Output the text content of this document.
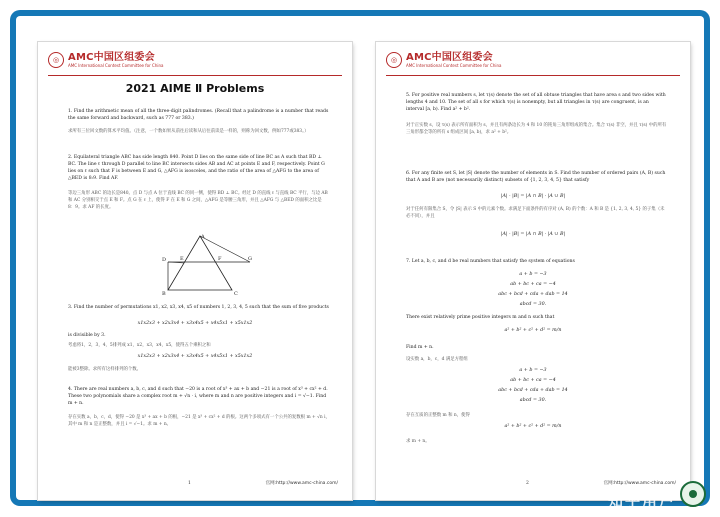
◎ AMC中国区组委会
AMC International Contest Committee for China
2021 AIME Ⅱ Problems
1. Find the arithmetic mean of all the three-digit palindromes. (Recall that a palindrome is a number that reads the same forward and backward, such as 777 or 383.)
求所有三位回文数的算术平均值。（注意，一个数如果从前往后读和从后往前读是一样的，则称为回文数，例如777或383。）
2. Equilateral triangle ABC has side length 840. Point D lies on the same side of line BC as A such that BD ⊥ BC. The line ℓ through D parallel to line BC intersects sides AB and AC at points E and F, respectively. Point G lies on ℓ such that F is between E and G, △AFG is isosceles, and the ratio of the area of △AFG to the area of △BED is 8:9. Find AF.
等边三角形 ABC 的边长是840。点 D 与点 A 位于直线 BC 的同一侧，使得 BD ⊥ BC。经过 D 的直线 ℓ 与直线 BC 平行，与边 AB 和 AC 分别相交于点 E 和 F。点 G 在 ℓ 上，使得 F 在 E 和 G 之间，△AFG 是等腰三角形，并且 △AFG 与 △BED 的面积之比是 8：9。求 AF 的长度。
A
B	C
D	E	F	G
3. Find the number of permutations x1, x2, x3, x4, x5 of numbers 1, 2, 3, 4, 5 such that the sum of five products
x1x2x3 + x2x3x4 + x3x4x5 + x4x5x1 + x5x1x2
is divisible by 3.
考虑将1，2，3，4，5排列成 x1，x2，x3，x4，x5，使得五个乘积之和
x1x2x3 + x2x3x4 + x3x4x5 + x4x5x1 + x5x1x2
能被3整除。求所有这样排列的个数。
4. There are real numbers a, b, c, and d such that −20 is a root of x³ + ax + b and −21 is a root of x³ + cx² + d. These two polynomials share a complex root m + √n · i, where m and n are positive integers and i = √−1. Find m + n.
存在实数 a，b，c，d，使得 −20 是 x³ + ax + b 的根，−21 是 x³ + cx² + d 的根。这两个多项式有一个公共的复数根 m + √n i，其中 m 和 n 是正整数，并且 i = √−1。求 m + n。
1	官网:http://www.amc-china.com/
◎ AMC中国区组委会
AMC International Contest Committee for China
5. For positive real numbers s, let τ(s) denote the set of all obtuse triangles that have area s and two sides with lengths 4 and 10. The set of all s for which τ(s) is nonempty, but all triangles in τ(s) are congruent, is an interval [a, b). Find a² + b².
对于正实数 s，设 τ(s) 表示所有面积为 s，并且有两条边长为 4 和 10 的钝角三角形组成的集合。集合 τ(s) 非空，并且 τ(s) 中的所有三角形都全等的所有 s 组成区间 [a, b)，求 a² + b²。
6. For any finite set S, let |S| denote the number of elements in S. Find the number of ordered pairs (A, B) such that A and B are (not necessarily distinct) subsets of {1, 2, 3, 4, 5} that satisfy
|A| · |B| = |A ∩ B| · |A ∪ B|
对于任何有限集合 S，令 |S| 表示 S 中的元素个数。求满足下面条件的有序对 (A, B) 的个数：A 和 B 是 {1, 2, 3, 4, 5} 的子集（未必不同），并且
|A| · |B| = |A ∩ B| · |A ∪ B|
7. Let a, b, c, and d be real numbers that satisfy the system of equations
a + b = −3
ab + bc + ca = −4
abc + bcd + cda + dab = 14
abcd = 30.
There exist relatively prime positive integers m and n such that
a² + b² + c² + d² = m/n
Find m + n.
设实数 a，b，c，d 满足方程组
a + b = −3
ab + bc + ca = −4
abc + bcd + cda + dab = 14
abcd = 30.
存在互质的正整数 m 和 n，使得
a² + b² + c² + d² = m/n
求 m + n。
2	官网:http://www.amc-china.com/
知乎用户
